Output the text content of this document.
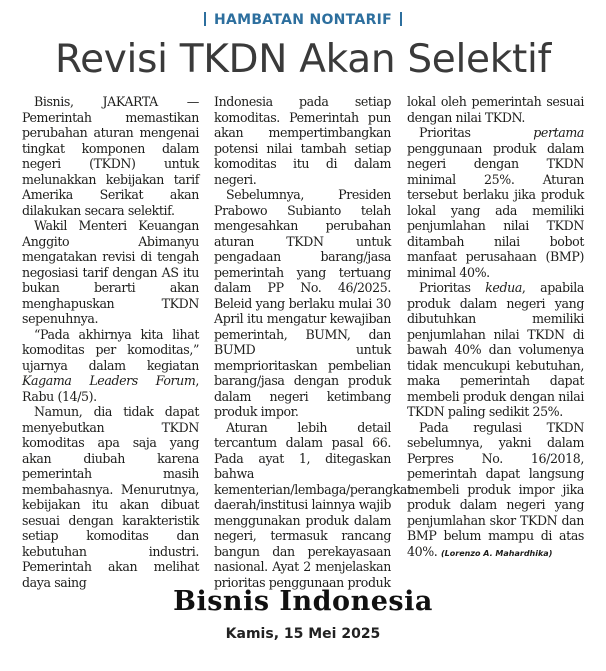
HAMBATAN NONTARIF
Revisi TKDN Akan Selektif

Bisnis, JAKARTA — Pemerintah memastikan perubahan aturan mengenai tingkat komponen dalam negeri (TKDN) untuk melunakkan kebijakan tarif Amerika Serikat akan dilakukan secara selektif.

Wakil Menteri Keuangan Anggito Abimanyu mengatakan revisi di tengah negosiasi tarif dengan AS itu bukan berarti akan menghapuskan TKDN sepenuhnya.

“Pada akhirnya kita lihat komoditas per komoditas,” ujarnya dalam kegiatan Kagama Leaders Forum, Rabu (14/5).

Namun, dia tidak dapat menyebutkan TKDN komoditas apa saja yang akan diubah karena pemerintah masih membahasnya. Menurutnya, kebijakan itu akan dibuat sesuai dengan karakteristik setiap komoditas dan kebutuhan industri. Pemerintah akan melihat daya saing

Indonesia pada setiap komoditas. Pemerintah pun akan mempertimbangkan potensi nilai tambah setiap komoditas itu di dalam negeri.

Sebelumnya, Presiden Prabowo Subianto telah mengesahkan perubahan aturan TKDN untuk pengadaan barang/jasa pemerintah yang tertuang dalam PP No. 46/2025. Beleid yang berlaku mulai 30 April itu mengatur kewajiban pemerintah, BUMN, dan BUMD untuk memprioritaskan pembelian barang/jasa dengan produk dalam negeri ketimbang produk impor.

Aturan lebih detail tercantum dalam pasal 66. Pada ayat 1, ditegaskan bahwa kementerian/lembaga/perangkat daerah/institusi lainnya wajib menggunakan produk dalam negeri, termasuk rancang bangun dan perekayasaan nasional. Ayat 2 menjelaskan prioritas penggunaan produk

lokal oleh pemerintah sesuai dengan nilai TKDN.

Prioritas pertama penggunaan produk dalam negeri dengan TKDN minimal 25%. Aturan tersebut berlaku jika produk lokal yang ada memiliki penjumlahan nilai TKDN ditambah nilai bobot manfaat perusahaan (BMP) minimal 40%.

Prioritas kedua, apabila produk dalam negeri yang dibutuhkan memiliki penjumlahan nilai TKDN di bawah 40% dan volumenya tidak mencukupi kebutuhan, maka pemerintah dapat membeli produk dengan nilai TKDN paling sedikit 25%.

Pada regulasi TKDN sebelumnya, yakni dalam Perpres No. 16/2018, pemerintah dapat langsung membeli produk impor jika produk dalam negeri yang penjumlahan skor TKDN dan BMP belum mampu di atas 40%. (Lorenzo A. Mahardhika)

Bisnis Indonesia
Kamis, 15 Mei 2025
